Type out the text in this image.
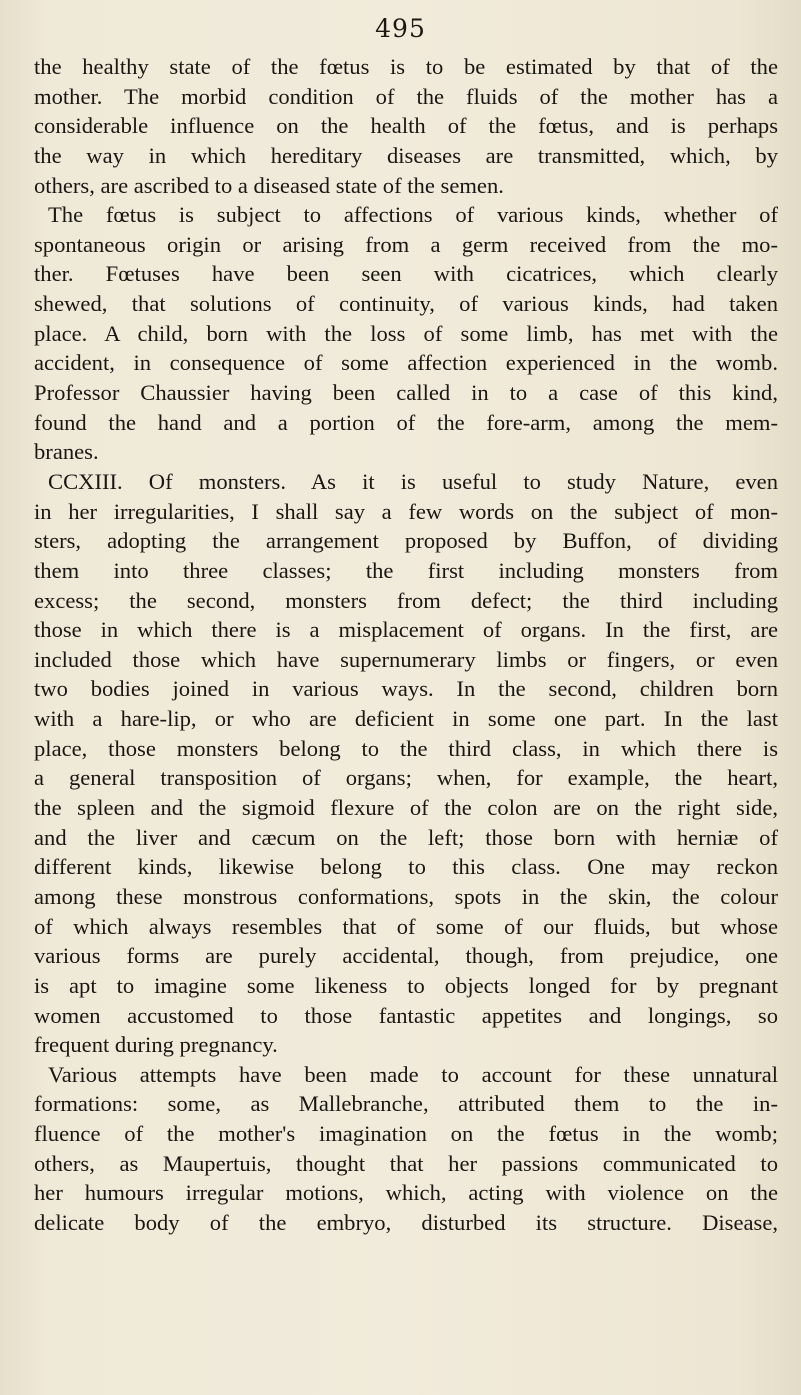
495
the healthy state of the fœtus is to be estimated by that of the
mother. The morbid condition of the fluids of the mother has a
considerable influence on the health of the fœtus, and is perhaps
the way in which hereditary diseases are transmitted, which, by
others, are ascribed to a diseased state of the semen.
The fœtus is subject to affections of various kinds, whether of
spontaneous origin or arising from a germ received from the mo-
ther. Fœtuses have been seen with cicatrices, which clearly
shewed, that solutions of continuity, of various kinds, had taken
place. A child, born with the loss of some limb, has met with the
accident, in consequence of some affection experienced in the womb.
Professor Chaussier having been called in to a case of this kind,
found the hand and a portion of the fore-arm, among the mem-
branes.
CCXIII. Of monsters. As it is useful to study Nature, even
in her irregularities, I shall say a few words on the subject of mon-
sters, adopting the arrangement proposed by Buffon, of dividing
them into three classes; the first including monsters from
excess; the second, monsters from defect; the third including
those in which there is a misplacement of organs. In the first, are
included those which have supernumerary limbs or fingers, or even
two bodies joined in various ways. In the second, children born
with a hare-lip, or who are deficient in some one part. In the last
place, those monsters belong to the third class, in which there is
a general transposition of organs; when, for example, the heart,
the spleen and the sigmoid flexure of the colon are on the right side,
and the liver and cæcum on the left; those born with herniæ of
different kinds, likewise belong to this class. One may reckon
among these monstrous conformations, spots in the skin, the colour
of which always resembles that of some of our fluids, but whose
various forms are purely accidental, though, from prejudice, one
is apt to imagine some likeness to objects longed for by pregnant
women accustomed to those fantastic appetites and longings, so
frequent during pregnancy.
Various attempts have been made to account for these unnatural
formations: some, as Mallebranche, attributed them to the in-
fluence of the mother's imagination on the fœtus in the womb;
others, as Maupertuis, thought that her passions communicated to
her humours irregular motions, which, acting with violence on the
delicate body of the embryo, disturbed its structure. Disease,
